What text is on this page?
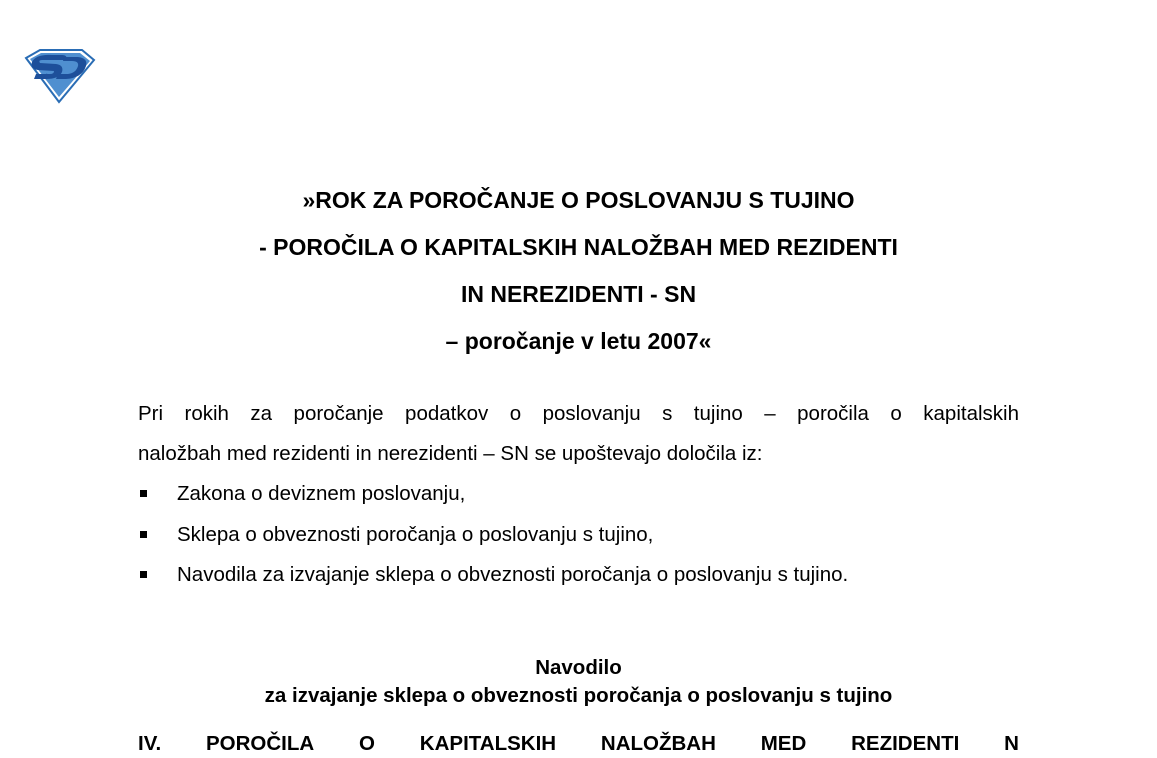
SD
»ROK ZA POROČANJE O POSLOVANJU S TUJINO
- POROČILA O KAPITALSKIH NALOŽBAH MED REZIDENTI
IN NEREZIDENTI - SN
– poročanje v letu 2007«
Pri rokih za poročanje podatkov o poslovanju s tujino – poročila o kapitalskih
naložbah med rezidenti in nerezidenti – SN se upoštevajo določila iz:
Zakona o deviznem poslovanju,
Sklepa o obveznosti poročanja o poslovanju s tujino,
Navodila za izvajanje sklepa o obveznosti poročanja o poslovanju s tujino.
Navodilo
za izvajanje sklepa o obveznosti poročanja o poslovanju s tujino
IV. POROČILA O KAPITALSKIH NALOŽBAH MED REZIDENTI N
